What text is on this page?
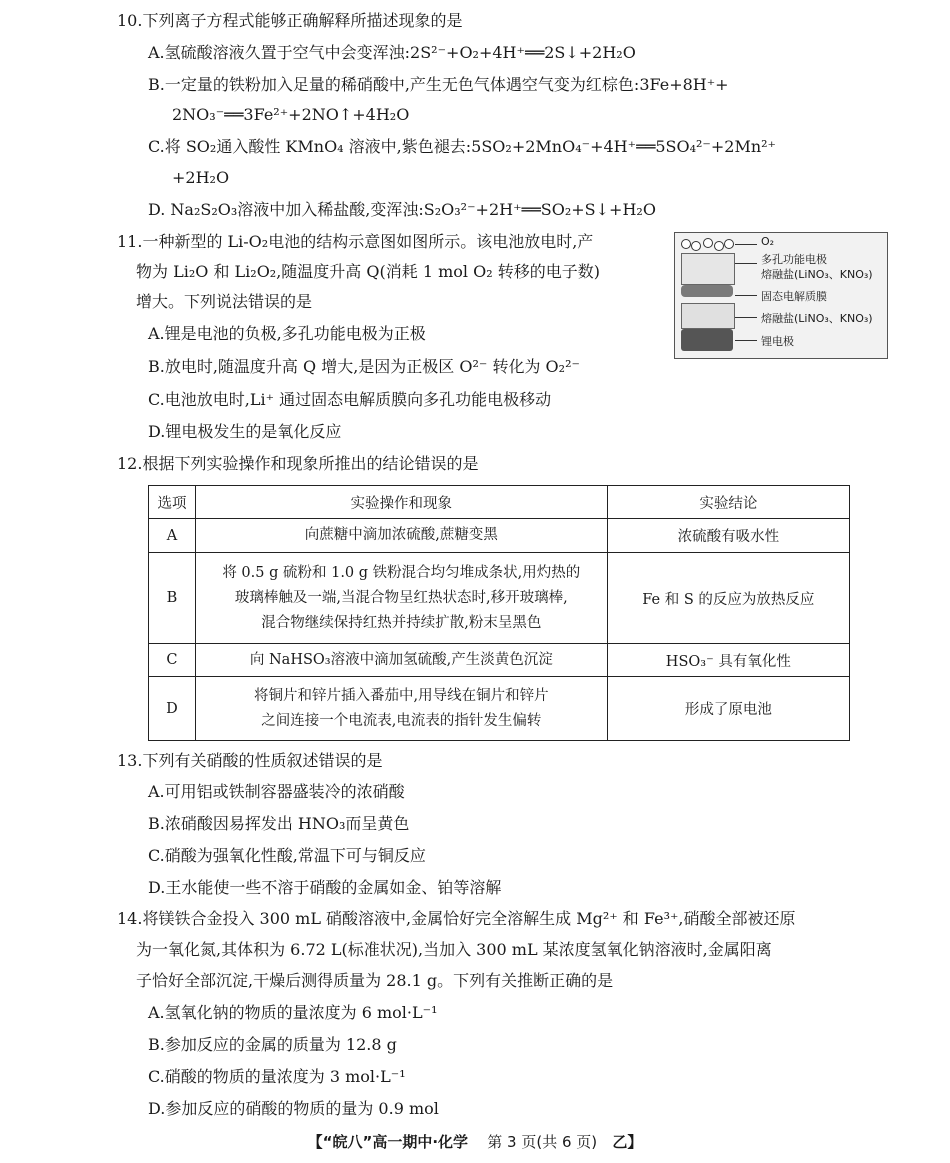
10.下列离子方程式能够正确解释所描述现象的是
A.氢硫酸溶液久置于空气中会变浑浊:2S²⁻+O₂+4H⁺══2S↓+2H₂O
B.一定量的铁粉加入足量的稀硝酸中,产生无色气体遇空气变为红棕色:3Fe+8H⁺+
2NO₃⁻══3Fe²⁺+2NO↑+4H₂O
C.将 SO₂通入酸性 KMnO₄ 溶液中,紫色褪去:5SO₂+2MnO₄⁻+4H⁺══5SO₄²⁻+2Mn²⁺
+2H₂O
D. Na₂S₂O₃溶液中加入稀盐酸,变浑浊:S₂O₃²⁻+2H⁺══SO₂+S↓+H₂O
11.一种新型的 Li-O₂电池的结构示意图如图所示。该电池放电时,产
物为 Li₂O 和 Li₂O₂,随温度升高 Q(消耗 1 mol O₂ 转移的电子数)
增大。下列说法错误的是
A.锂是电池的负极,多孔功能电极为正极
B.放电时,随温度升高 Q 增大,是因为正极区 O²⁻ 转化为 O₂²⁻
C.电池放电时,Li⁺ 通过固态电解质膜向多孔功能电极移动
D.锂电极发生的是氧化反应
O₂
多孔功能电极
熔融盐(LiNO₃、KNO₃)
固态电解质膜
熔融盐(LiNO₃、KNO₃)
锂电极
12.根据下列实验操作和现象所推出的结论错误的是
选项	实验操作和现象	实验结论
A	向蔗糖中滴加浓硫酸,蔗糖变黑	浓硫酸有吸水性
B	将 0.5 g 硫粉和 1.0 g 铁粉混合均匀堆成条状,用灼热的
玻璃棒触及一端,当混合物呈红热状态时,移开玻璃棒,
混合物继续保持红热并持续扩散,粉末呈黑色	Fe 和 S 的反应为放热反应
C	向 NaHSO₃溶液中滴加氢硫酸,产生淡黄色沉淀	HSO₃⁻ 具有氧化性
D	将铜片和锌片插入番茄中,用导线在铜片和锌片
之间连接一个电流表,电流表的指针发生偏转	形成了原电池
13.下列有关硝酸的性质叙述错误的是
A.可用铝或铁制容器盛装冷的浓硝酸
B.浓硝酸因易挥发出 HNO₃而呈黄色
C.硝酸为强氧化性酸,常温下可与铜反应
D.王水能使一些不溶于硝酸的金属如金、铂等溶解
14.将镁铁合金投入 300 mL 硝酸溶液中,金属恰好完全溶解生成 Mg²⁺ 和 Fe³⁺,硝酸全部被还原
为一氧化氮,其体积为 6.72 L(标准状况),当加入 300 mL 某浓度氢氧化钠溶液时,金属阳离
子恰好全部沉淀,干燥后测得质量为 28.1 g。下列有关推断正确的是
A.氢氧化钠的物质的量浓度为 6 mol·L⁻¹
B.参加反应的金属的质量为 12.8 g
C.硝酸的物质的量浓度为 3 mol·L⁻¹
D.参加反应的硝酸的物质的量为 0.9 mol
【“皖八”高一期中·化学 第 3 页(共 6 页) 乙】
